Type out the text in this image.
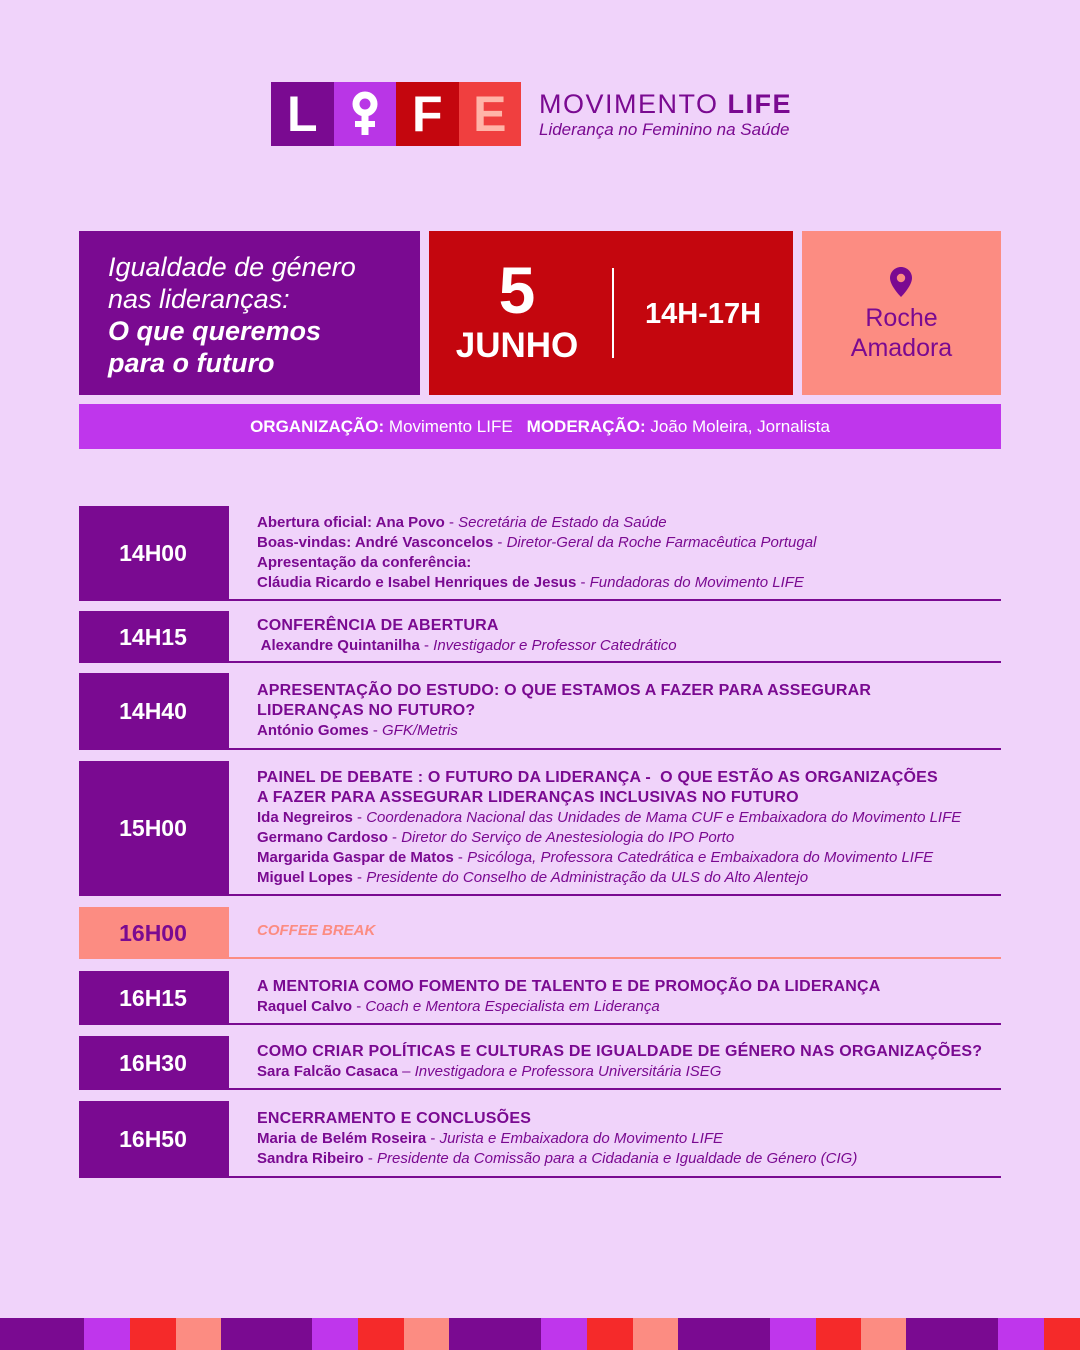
L	F E	MOVIMENTO LIFE
Liderança no Feminino na Saúde
Igualdade de género
nas lideranças:
O que queremos
para o futuro
5
JUNHO
14H-17H	Roche
Amadora
ORGANIZAÇÃO:
Movimento LIFE MODERAÇÃO:
João Moleira, Jornalista
14H00
Abertura oficial: Ana Povo - Secretária de Estado da Saúde
Boas-vindas: André Vasconcelos - Diretor-Geral da Roche Farmacêutica Portugal
Apresentação da conferência:
Cláudia Ricardo e Isabel Henriques de Jesus - Fundadoras do Movimento LIFE
14H15	CONFERÊNCIA DE ABERTURA
Alexandre Quintanilha - Investigador e Professor Catedrático
14H40
APRESENTAÇÃO DO ESTUDO: O QUE ESTAMOS A FAZER PARA ASSEGURAR
LIDERANÇAS NO FUTURO?
António Gomes - GFK/Metris
15H00
PAINEL DE DEBATE : O FUTURO DA LIDERANÇA -  O QUE ESTÃO AS ORGANIZAÇÕES
A FAZER PARA ASSEGURAR LIDERANÇAS INCLUSIVAS NO FUTURO
Ida Negreiros - Coordenadora Nacional das Unidades de Mama CUF e Embaixadora do Movimento LIFE
Germano Cardoso - Diretor do Serviço de Anestesiologia do IPO Porto
Margarida Gaspar de Matos - Psicóloga, Professora Catedrática e Embaixadora do Movimento LIFE
Miguel Lopes - Presidente do Conselho de Administração da ULS do Alto Alentejo
16H00	COFFEE BREAK
16H15	A MENTORIA COMO FOMENTO DE TALENTO E DE PROMOÇÃO DA LIDERANÇA
Raquel Calvo - Coach e Mentora Especialista em Liderança
16H30	COMO CRIAR POLÍTICAS E CULTURAS DE IGUALDADE DE GÉNERO NAS ORGANIZAÇÕES?
Sara Falcão Casaca – Investigadora e Professora Universitária ISEG
16H50
ENCERRAMENTO E CONCLUSÕES
Maria de Belém Roseira - Jurista e Embaixadora do Movimento LIFE
Sandra Ribeiro - Presidente da Comissão para a Cidadania e Igualdade de Género (CIG)
